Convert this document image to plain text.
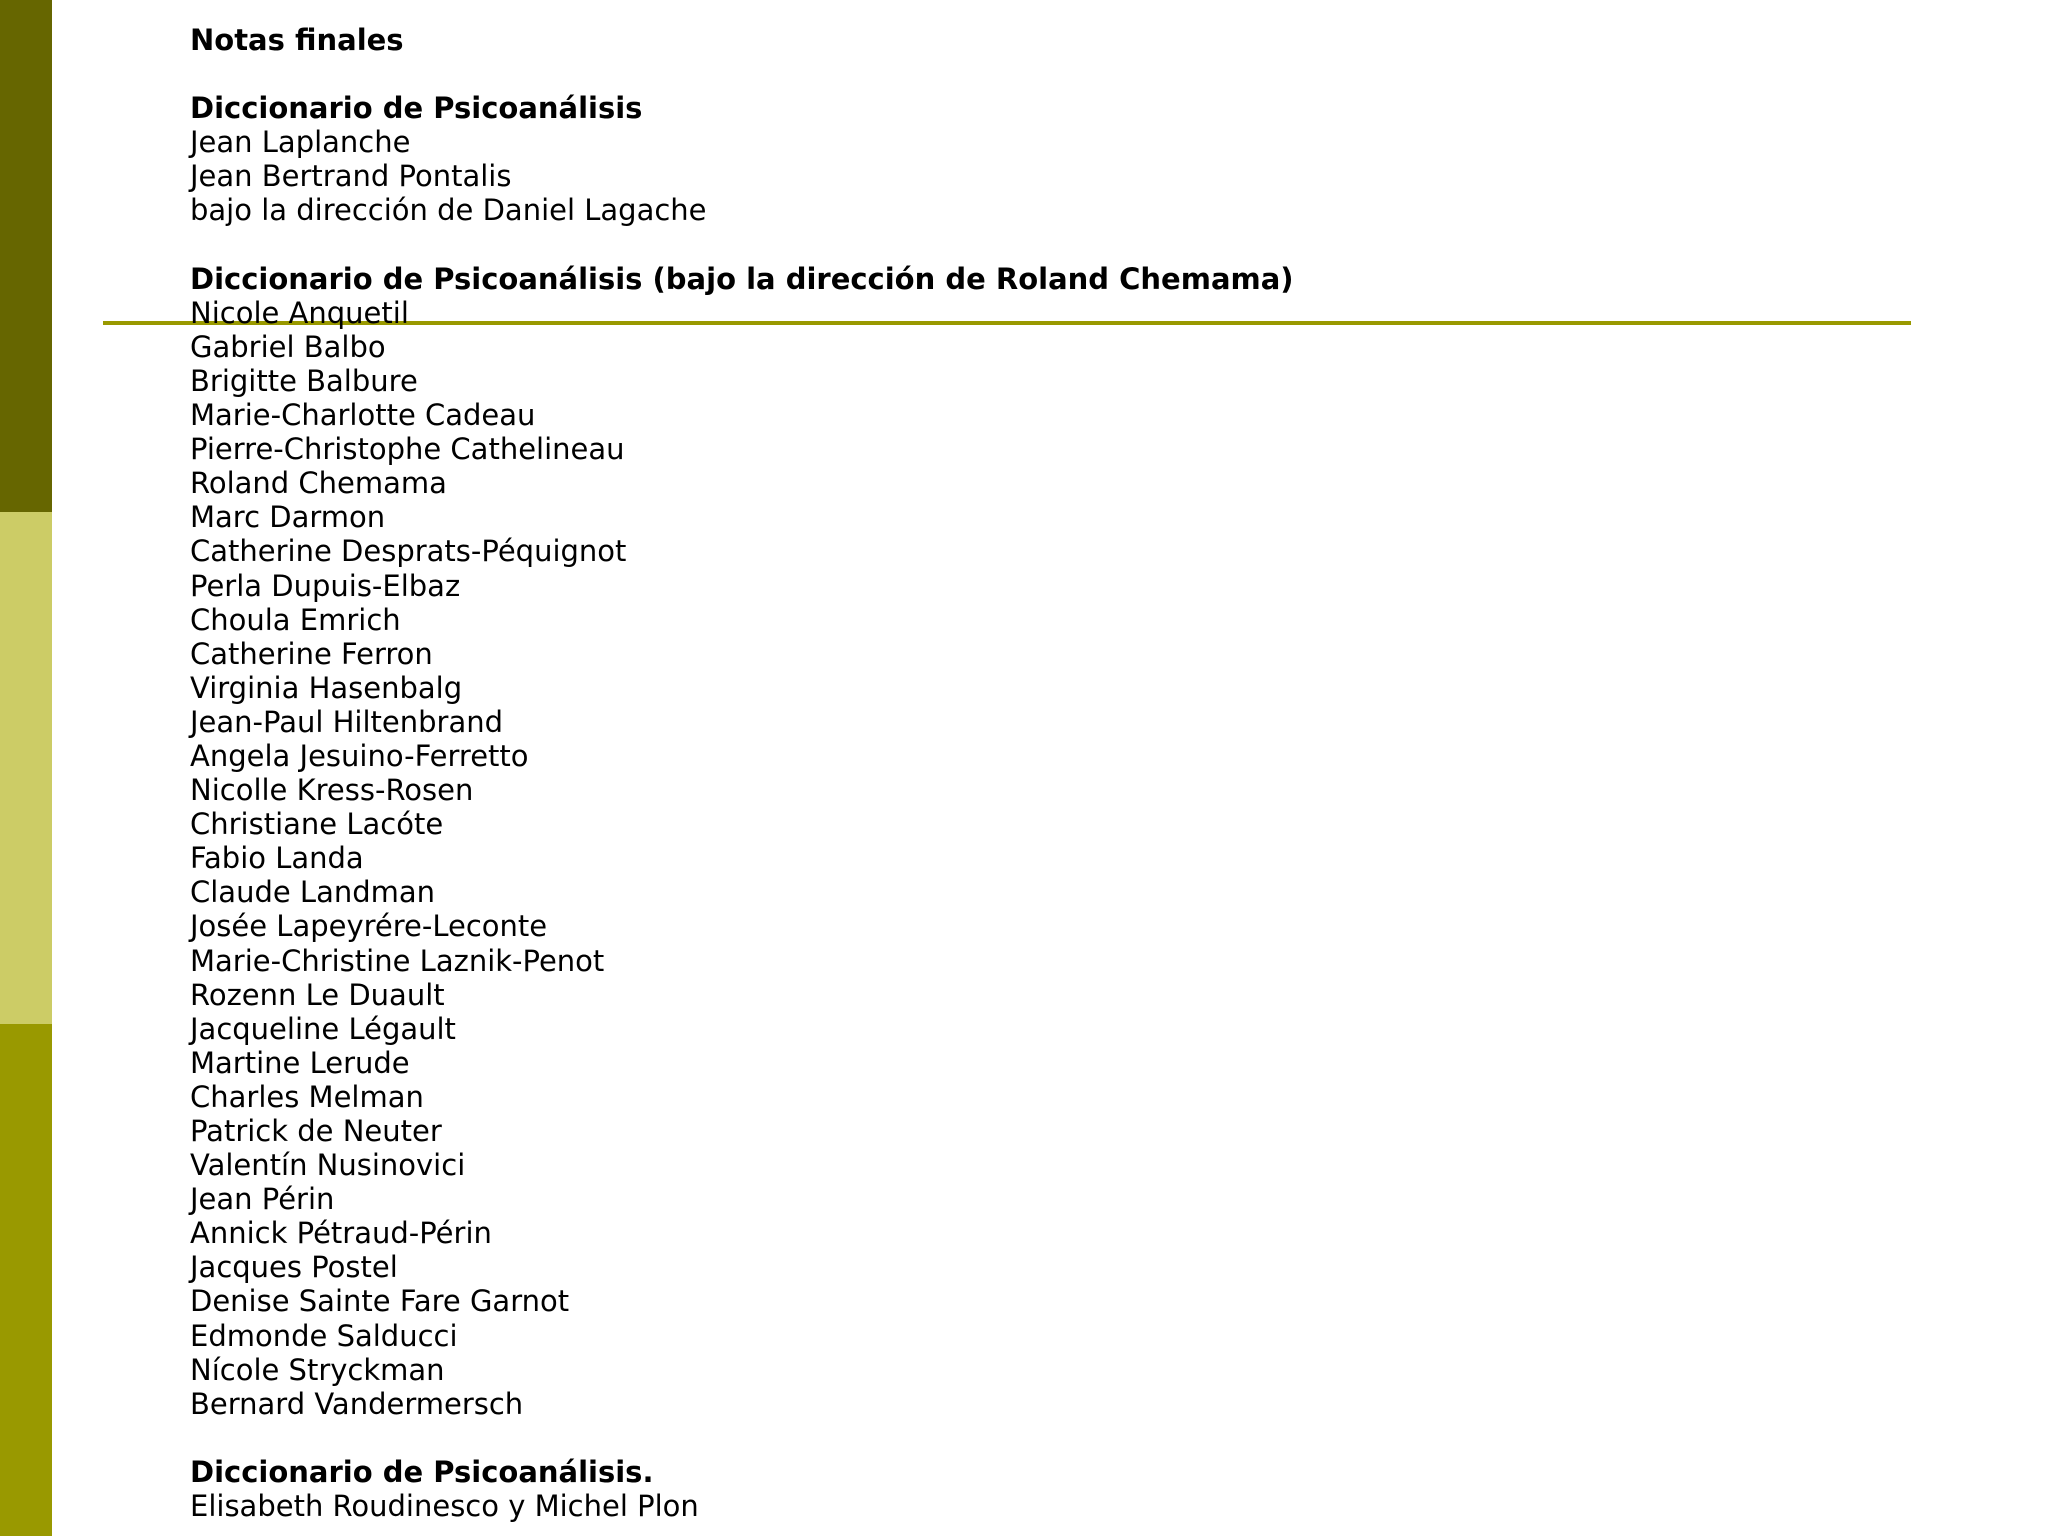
Notas finales
Diccionario de Psicoanálisis
Jean Laplanche
Jean Bertrand Pontalis
bajo la dirección de Daniel Lagache
Diccionario de Psicoanálisis (bajo la dirección de Roland Chemama)
Nicole Anquetil
Gabriel Balbo
Brigitte Balbure
Marie-Charlotte Cadeau
Pierre-Christophe Cathelineau
Roland Chemama
Marc Darmon
Catherine Desprats-Péquignot
Perla Dupuis-Elbaz
Choula Emrich
Catherine Ferron
Virginia Hasenbalg
Jean-Paul Hiltenbrand
Angela Jesuino-Ferretto
Nicolle Kress-Rosen
Christiane Lacóte
Fabio Landa
Claude Landman
Josée Lapeyrére-Leconte
Marie-Christine Laznik-Penot
Rozenn Le Duault
Jacqueline Légault
Martine Lerude
Charles Melman
Patrick de Neuter
Valentín Nusinovici
Jean Périn
Annick Pétraud-Périn
Jacques Postel
Denise Sainte Fare Garnot
Edmonde Salducci
Nícole Stryckman
Bernard Vandermersch
Diccionario de Psicoanálisis.
Elisabeth Roudinesco y Michel Plon
